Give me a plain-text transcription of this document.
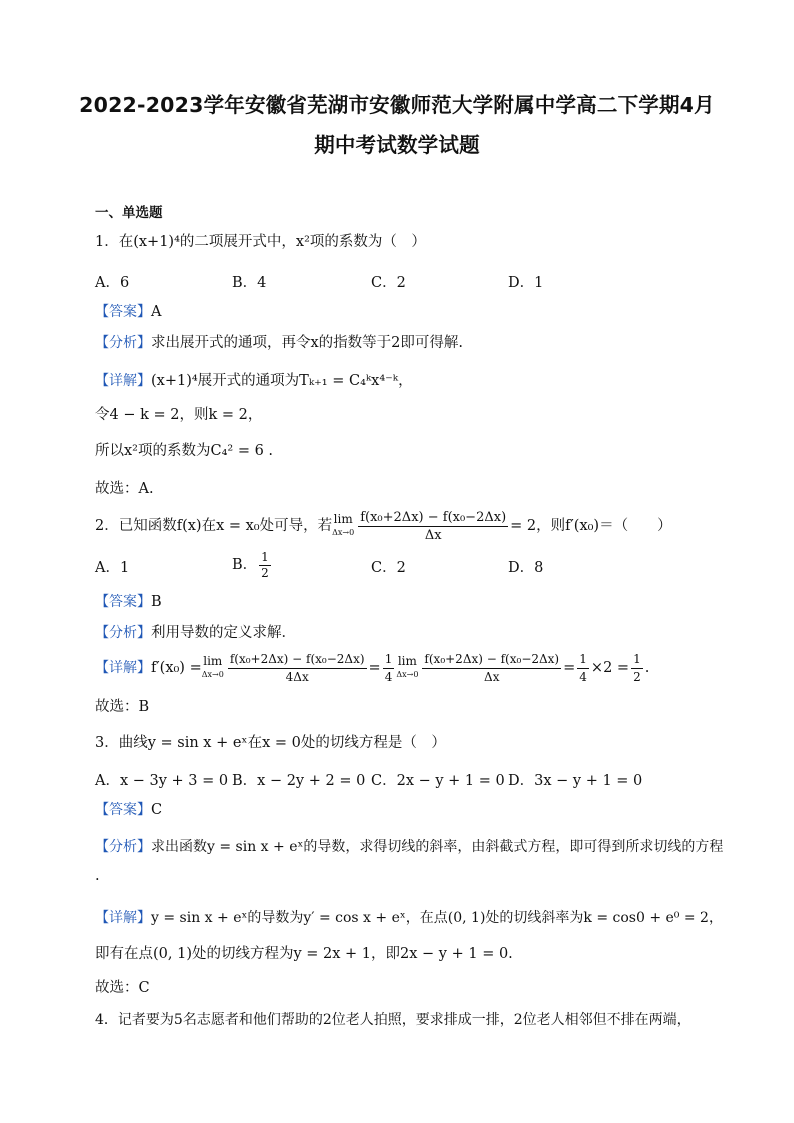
2022-2023学年安徽省芜湖市安徽师范大学附属中学高二下学期4月
期中考试数学试题
一、单选题
1．在(x+1)⁴的二项展开式中，x²项的系数为（　）
A．6	B．4	C．2	D．1
【答案】A
【分析】求出展开式的通项，再令x的指数等于2即可得解.
【详解】(x+1)⁴展开式的通项为Tₖ₊₁ = C₄ᵏx⁴⁻ᵏ，
令4 − k = 2，则k = 2，
所以x²项的系数为C₄² = 6 .
故选：A.
2．已知函数f(x)在x = x₀处可导，若 lim
$\Delta x\to 0 \frac{\text{f(x₀+2Δx) − f(x₀−2Δx)}}{\Delta x} = 2$，则f′(x₀)＝（　　）
A．1	B． $\frac{1}{2}$	C．2	D．8
【答案】B
【分析】利用导数的定义求解．
【详解】f′(x₀) = lim
$\Delta x\to 0 \frac{\text{f(x₀+2Δx) − f(x₀−2Δx)}}{4\Delta x} = \frac{1}{4}$ lim
$\Delta x\to 0 \frac{\text{f(x₀+2Δx) − f(x₀−2Δx)}}{\Delta x} = \frac{1}{4} \times 2 = \frac{1}{2}$ .
故选：B
3．曲线y = sin x + eˣ在x = 0处的切线方程是（　）
A．x − 3y + 3 = 0 B．x − 2y + 2 = 0 C．2x − y + 1 = 0 D．3x − y + 1 = 0
【答案】C
【分析】求出函数y = sin x + eˣ的导数，求得切线的斜率，由斜截式方程，即可得到所求切线的方程
.
【详解】y = sin x + eˣ的导数为y′ = cos x + eˣ，在点(0, 1)处的切线斜率为k = cos0 + e⁰ = 2，
即有在点(0, 1)处的切线方程为y = 2x + 1，即2x − y + 1 = 0.
故选：C
4．记者要为5名志愿者和他们帮助的2位老人拍照，要求排成一排，2位老人相邻但不排在两端，
